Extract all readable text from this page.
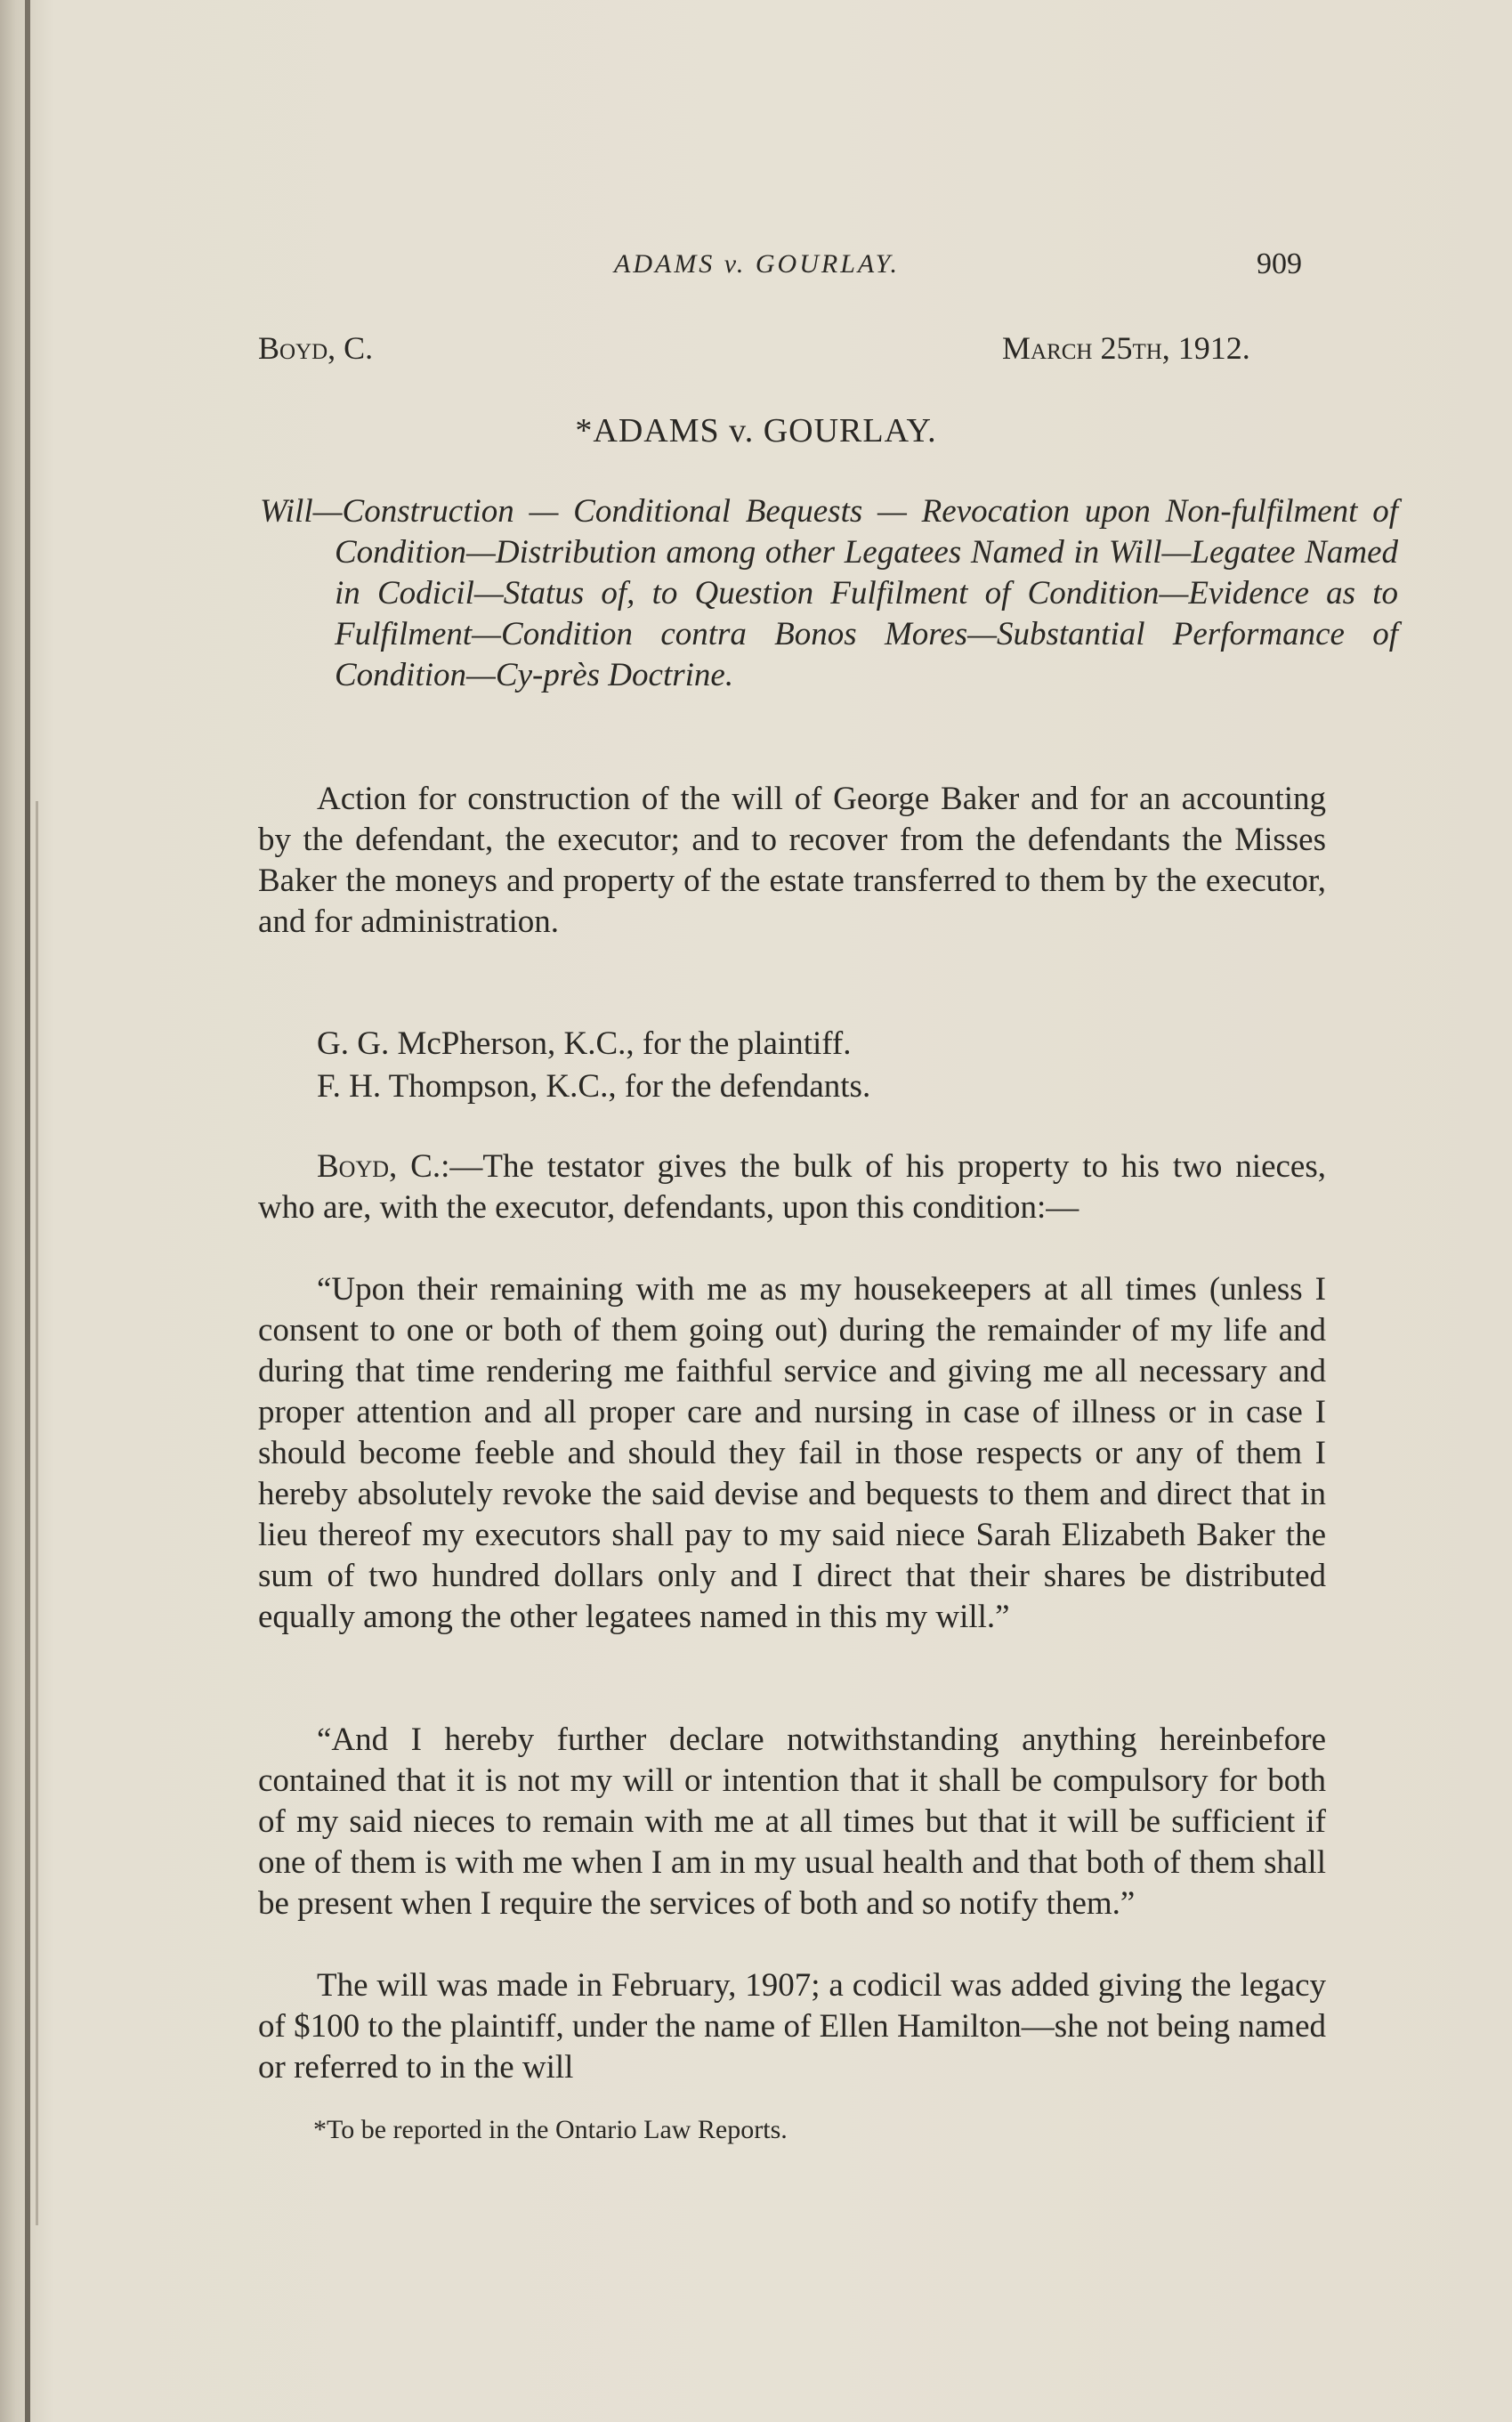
ADAMS v. GOURLAY.	909
Boyd, C.	March 25th, 1912.
*ADAMS v. GOURLAY.
Will—Construction — Conditional Bequests — Revocation upon Non-fulfilment of Condition—Distribution among other Legatees Named in Will—Legatee Named in Codicil—Status of, to Question Fulfilment of Condition—Evidence as to Fulfilment—Condition contra Bonos Mores—Substantial Performance of Condition—Cy-près Doctrine.
Action for construction of the will of George Baker and for an accounting by the defendant, the executor; and to recover from the defendants the Misses Baker the moneys and property of the estate transferred to them by the executor, and for administration.
G. G. McPherson, K.C., for the plaintiff.
F. H. Thompson, K.C., for the defendants.
Boyd, C.:—The testator gives the bulk of his property to his two nieces, who are, with the executor, defendants, upon this condition:—
“Upon their remaining with me as my housekeepers at all times (unless I consent to one or both of them going out) during the remainder of my life and during that time rendering me faithful service and giving me all necessary and proper attention and all proper care and nursing in case of illness or in case I should become feeble and should they fail in those respects or any of them I hereby absolutely revoke the said devise and bequests to them and direct that in lieu thereof my executors shall pay to my said niece Sarah Elizabeth Baker the sum of two hundred dollars only and I direct that their shares be distributed equally among the other legatees named in this my will.”
“And I hereby further declare notwithstanding anything hereinbefore contained that it is not my will or intention that it shall be compulsory for both of my said nieces to remain with me at all times but that it will be sufficient if one of them is with me when I am in my usual health and that both of them shall be present when I require the services of both and so notify them.”
The will was made in February, 1907; a codicil was added giving the legacy of $100 to the plaintiff, under the name of Ellen Hamilton—she not being named or referred to in the will
*To be reported in the Ontario Law Reports.
